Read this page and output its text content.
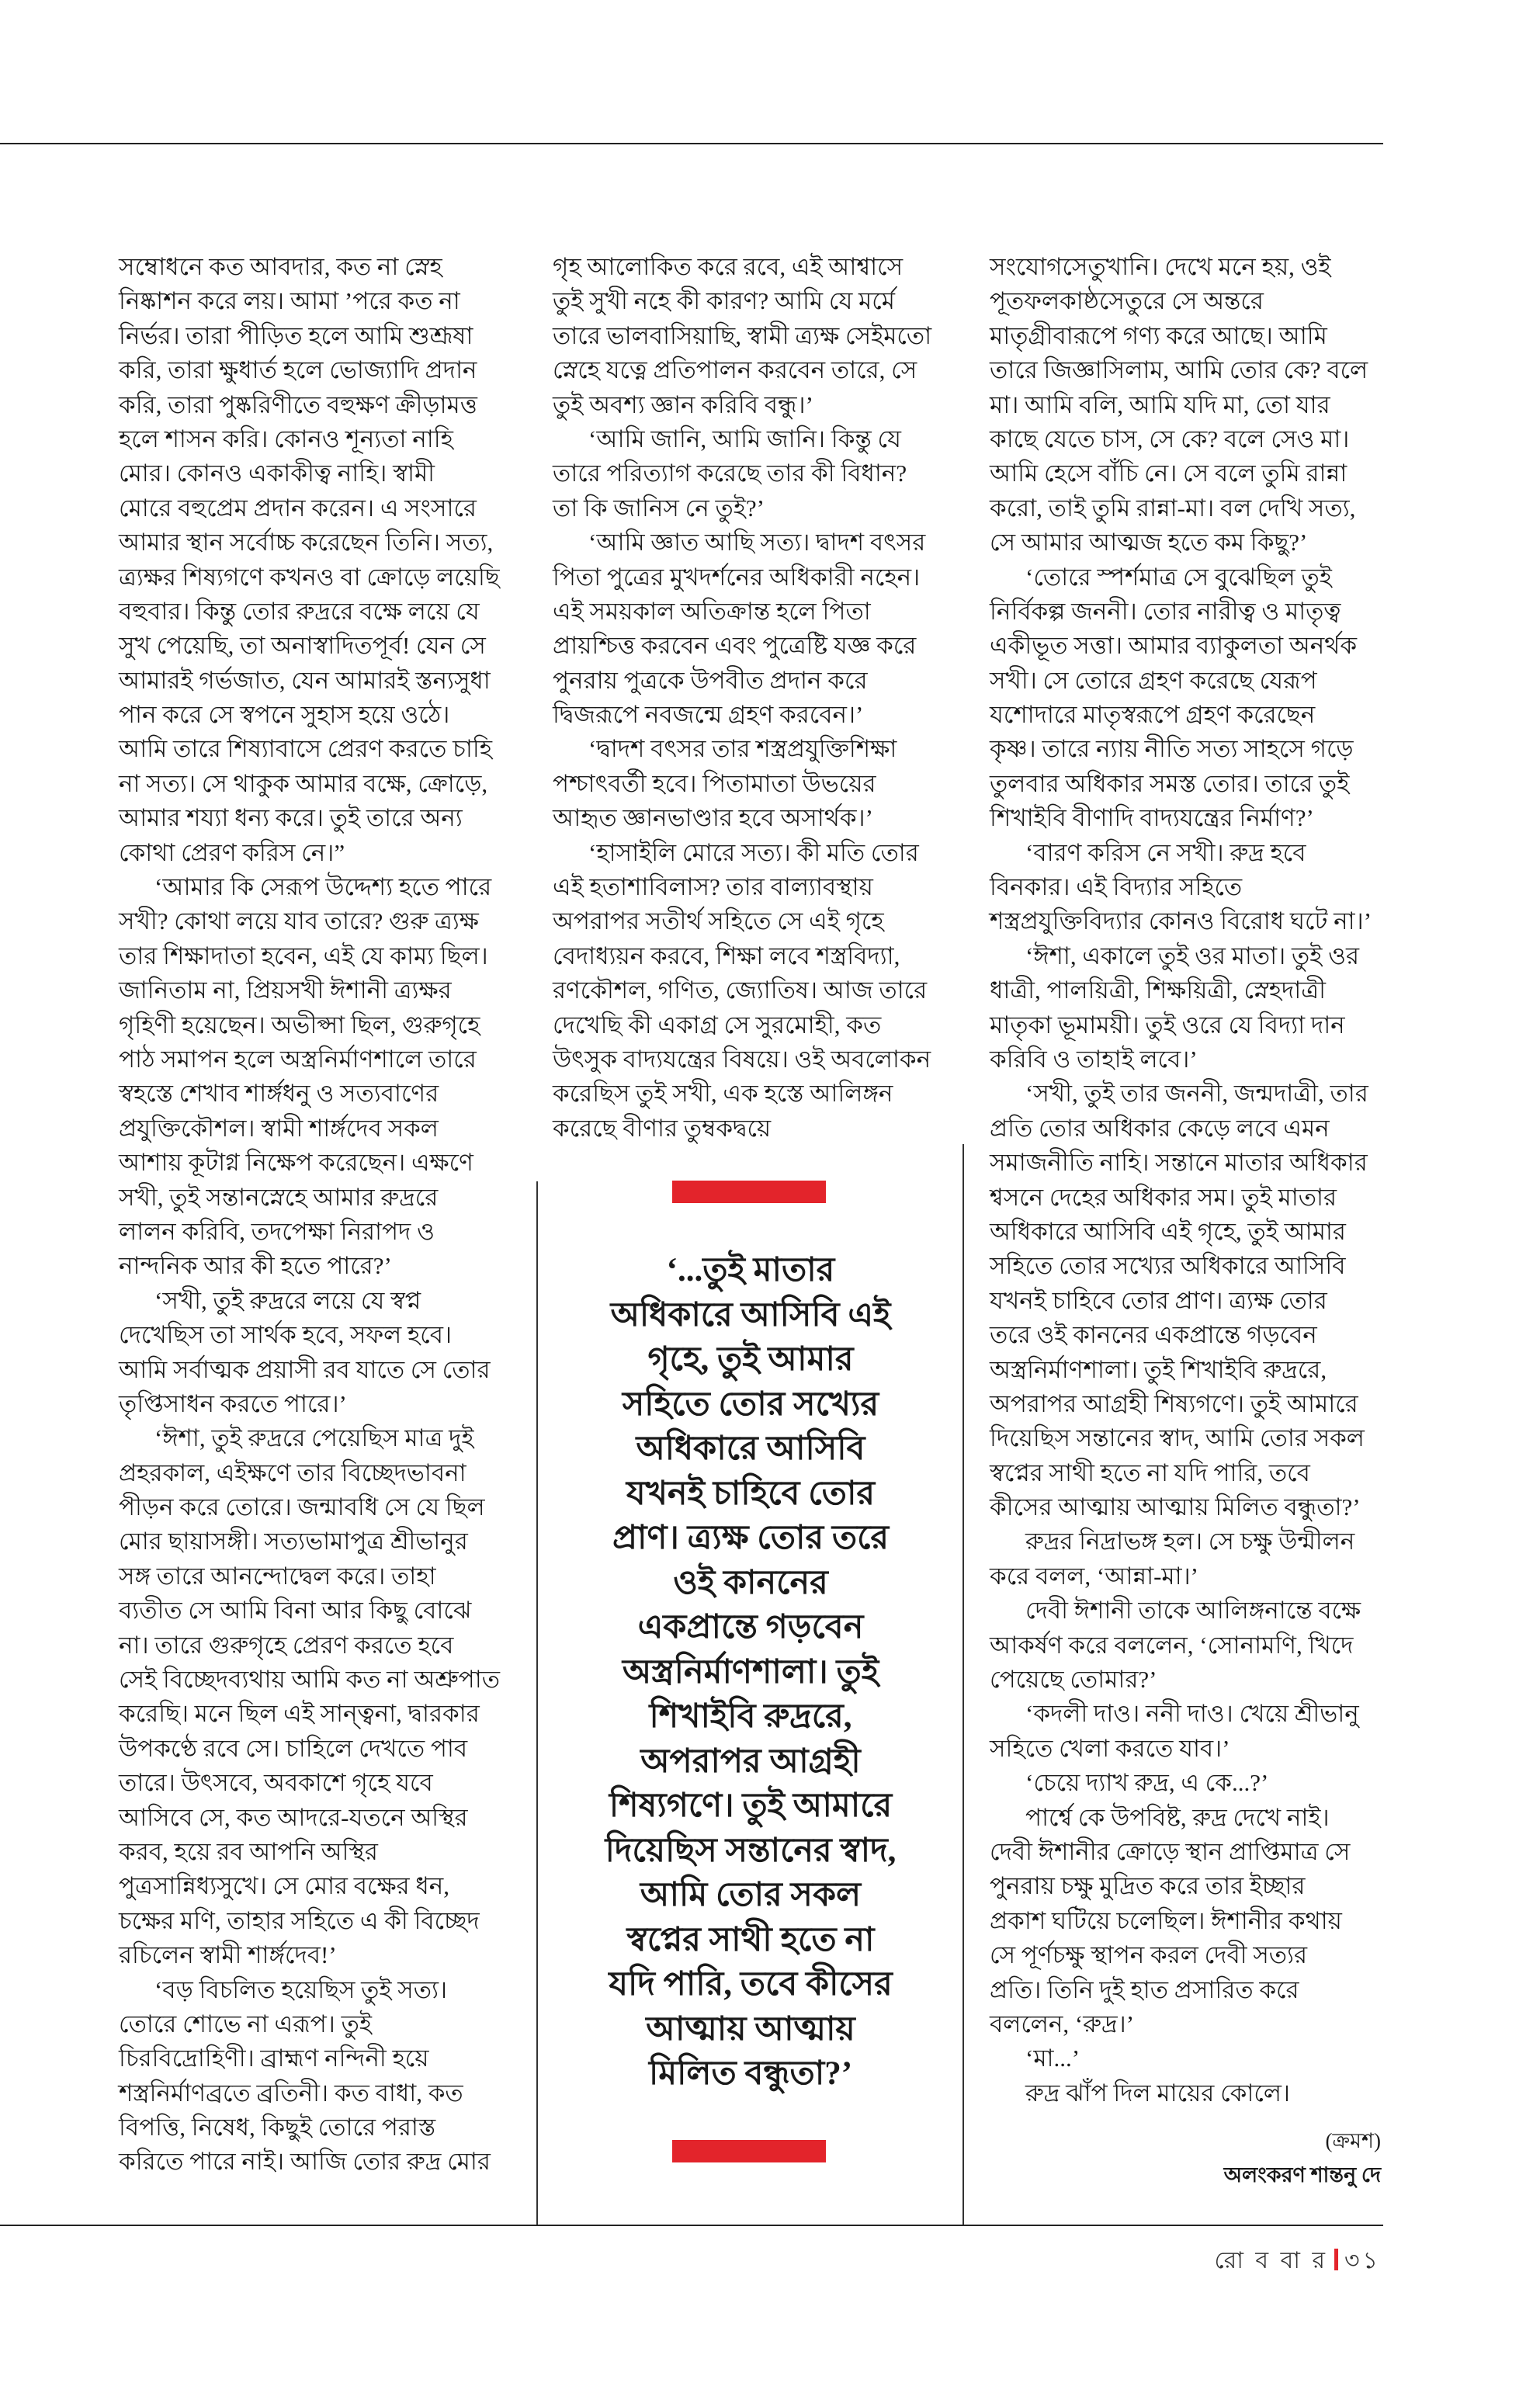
সম্বোধনে কত আবদার, কত না স্নেহ
নিষ্কাশন করে লয়। আমা ’পরে কত না
নির্ভর। তারা পীড়িত হলে আমি শুশ্রূষা
করি, তারা ক্ষুধার্ত হলে ভোজ্যাদি প্রদান
করি, তারা পুষ্করিণীতে বহুক্ষণ ক্রীড়ামত্ত
হলে শাসন করি। কোনও শূন্যতা নাহি
মোর। কোনও একাকীত্ব নাহি। স্বামী
মোরে বহুপ্রেম প্রদান করেন। এ সংসারে
আমার স্থান সর্বোচ্চ করেছেন তিনি। সত্য,
ত্র্যক্ষর শিষ্যগণে কখনও বা ক্রোড়ে লয়েছি
বহুবার। কিন্তু তোর রুদ্ররে বক্ষে লয়ে যে
সুখ পেয়েছি, তা অনাস্বাদিতপূর্ব! যেন সে
আমারই গর্ভজাত, যেন আমারই স্তন্যসুধা
পান করে সে স্বপনে সুহাস হয়ে ওঠে।
আমি তারে শিষ্যাবাসে প্রেরণ করতে চাহি
না সত্য। সে থাকুক আমার বক্ষে, ক্রোড়ে,
আমার শয্যা ধন্য করে। তুই তারে অন্য
কোথা প্রেরণ করিস নে।”
‘আমার কি সেরূপ উদ্দেশ্য হতে পারে
সখী? কোথা লয়ে যাব তারে? গুরু ত্র্যক্ষ
তার শিক্ষাদাতা হবেন, এই যে কাম্য ছিল।
জানিতাম না, প্রিয়সখী ঈশানী ত্র্যক্ষর
গৃহিণী হয়েছেন। অভীপ্সা ছিল, গুরুগৃহে
পাঠ সমাপন হলে অস্ত্রনির্মাণশালে তারে
স্বহস্তে শেখাব শার্ঙ্গধনু ও সত্যবাণের
প্রযুক্তিকৌশল। স্বামী শার্ঙ্গদেব সকল
আশায় কূটাগ্ন নিক্ষেপ করেছেন। এক্ষণে
সখী, তুই সন্তানস্নেহে আমার রুদ্ররে
লালন করিবি, তদপেক্ষা নিরাপদ ও
নান্দনিক আর কী হতে পারে?’
‘সখী, তুই রুদ্ররে লয়ে যে স্বপ্ন
দেখেছিস তা সার্থক হবে, সফল হবে।
আমি সর্বাত্মক প্রয়াসী রব যাতে সে তোর
তৃপ্তিসাধন করতে পারে।’
‘ঈশা, তুই রুদ্ররে পেয়েছিস মাত্র দুই
প্রহরকাল, এইক্ষণে তার বিচ্ছেদভাবনা
পীড়ন করে তোরে। জন্মাবধি সে যে ছিল
মোর ছায়াসঙ্গী। সত্যভামাপুত্র শ্রীভানুর
সঙ্গ তারে আনন্দোদ্বেল করে। তাহা
ব্যতীত সে আমি বিনা আর কিছু বোঝে
না। তারে গুরুগৃহে প্রেরণ করতে হবে
সেই বিচ্ছেদব্যথায় আমি কত না অশ্রুপাত
করেছি। মনে ছিল এই সান্ত্বনা, দ্বারকার
উপকণ্ঠে রবে সে। চাহিলে দেখতে পাব
তারে। উৎসবে, অবকাশে গৃহে যবে
আসিবে সে, কত আদরে-যতনে অস্থির
করব, হয়ে রব আপনি অস্থির
পুত্রসান্নিধ্যসুখে। সে মোর বক্ষের ধন,
চক্ষের মণি, তাহার সহিতে এ কী বিচ্ছেদ
রচিলেন স্বামী শার্ঙ্গদেব!’
‘বড় বিচলিত হয়েছিস তুই সত্য।
তোরে শোভে না এরূপ। তুই
চিরবিদ্রোহিণী। ব্রাহ্মণ নন্দিনী হয়ে
শস্ত্রনির্মাণব্রতে ব্রতিনী। কত বাধা, কত
বিপত্তি, নিষেধ, কিছুই তোরে পরাস্ত
করিতে পারে নাই। আজি তোর রুদ্র মোর
গৃহ আলোকিত করে রবে, এই আশ্বাসে
তুই সুখী নহে কী কারণ? আমি যে মর্মে
তারে ভালবাসিয়াছি, স্বামী ত্র্যক্ষ সেইমতো
স্নেহে যত্নে প্রতিপালন করবেন তারে, সে
তুই অবশ্য জ্ঞান করিবি বন্ধু।’
‘আমি জানি, আমি জানি। কিন্তু যে
তারে পরিত্যাগ করেছে তার কী বিধান?
তা কি জানিস নে তুই?’
‘আমি জ্ঞাত আছি সত্য। দ্বাদশ বৎসর
পিতা পুত্রের মুখদর্শনের অধিকারী নহেন।
এই সময়কাল অতিক্রান্ত হলে পিতা
প্রায়শ্চিত্ত করবেন এবং পুত্রেষ্টি যজ্ঞ করে
পুনরায় পুত্রকে উপবীত প্রদান করে
দ্বিজরূপে নবজন্মে গ্রহণ করবেন।’
‘দ্বাদশ বৎসর তার শস্ত্রপ্রযুক্তিশিক্ষা
পশ্চাৎবর্তী হবে। পিতামাতা উভয়ের
আহৃত জ্ঞানভাণ্ডার হবে অসার্থক।’
‘হাসাইলি মোরে সত্য। কী মতি তোর
এই হতাশাবিলাস? তার বাল্যাবস্থায়
অপরাপর সতীর্থ সহিতে সে এই গৃহে
বেদাধ্যয়ন করবে, শিক্ষা লবে শস্ত্রবিদ্যা,
রণকৌশল, গণিত, জ্যোতিষ। আজ তারে
দেখেছি কী একাগ্র সে সুরমোহী, কত
উৎসুক বাদ্যযন্ত্রের বিষয়ে। ওই অবলোকন
করেছিস তুই সখী, এক হস্তে আলিঙ্গন
করেছে বীণার তুম্বকদ্বয়ে
সংযোগসেতুখানি। দেখে মনে হয়, ওই
পূতফলকাষ্ঠসেতুরে সে অন্তরে
মাতৃগ্রীবারূপে গণ্য করে আছে। আমি
তারে জিজ্ঞাসিলাম, আমি তোর কে? বলে
মা। আমি বলি, আমি যদি মা, তো যার
কাছে যেতে চাস, সে কে? বলে সেও মা।
আমি হেসে বাঁচি নে। সে বলে তুমি রান্না
করো, তাই তুমি রান্না-মা। বল দেখি সত্য,
সে আমার আত্মজ হতে কম কিছু?’
‘তোরে স্পর্শমাত্র সে বুঝেছিল তুই
নির্বিকল্প জননী। তোর নারীত্ব ও মাতৃত্ব
একীভূত সত্তা। আমার ব্যাকুলতা অনর্থক
সখী। সে তোরে গ্রহণ করেছে যেরূপ
যশোদারে মাতৃস্বরূপে গ্রহণ করেছেন
কৃষ্ণ। তারে ন্যায় নীতি সত্য সাহসে গড়ে
তুলবার অধিকার সমস্ত তোর। তারে তুই
শিখাইবি বীণাদি বাদ্যযন্ত্রের নির্মাণ?’
‘বারণ করিস নে সখী। রুদ্র হবে
বিনকার। এই বিদ্যার সহিতে
শস্ত্রপ্রযুক্তিবিদ্যার কোনও বিরোধ ঘটে না।’
‘ঈশা, একালে তুই ওর মাতা। তুই ওর
ধাত্রী, পালয়িত্রী, শিক্ষয়িত্রী, স্নেহদাত্রী
মাতৃকা ভূমাময়ী। তুই ওরে যে বিদ্যা দান
করিবি ও তাহাই লবে।’
‘সখী, তুই তার জননী, জন্মদাত্রী, তার
প্রতি তোর অধিকার কেড়ে লবে এমন
সমাজনীতি নাহি। সন্তানে মাতার অধিকার
শ্বসনে দেহের অধিকার সম। তুই মাতার
অধিকারে আসিবি এই গৃহে, তুই আমার
সহিতে তোর সখ্যের অধিকারে আসিবি
যখনই চাহিবে তোর প্রাণ। ত্র্যক্ষ তোর
তরে ওই কাননের একপ্রান্তে গড়বেন
অস্ত্রনির্মাণশালা। তুই শিখাইবি রুদ্ররে,
অপরাপর আগ্রহী শিষ্যগণে। তুই আমারে
দিয়েছিস সন্তানের স্বাদ, আমি তোর সকল
স্বপ্নের সাথী হতে না যদি পারি, তবে
কীসের আত্মায় আত্মায় মিলিত বন্ধুতা?’
রুদ্রর নিদ্রাভঙ্গ হল। সে চক্ষু উন্মীলন
করে বলল, ‘আন্না-মা।’
দেবী ঈশানী তাকে আলিঙ্গনান্তে বক্ষে
আকর্ষণ করে বললেন, ‘সোনামণি, খিদে
পেয়েছে তোমার?’
‘কদলী দাও। ননী দাও। খেয়ে শ্রীভানু
সহিতে খেলা করতে যাব।’
‘চেয়ে দ্যাখ রুদ্র, এ কে...?’
পার্শ্বে কে উপবিষ্ট, রুদ্র দেখে নাই।
দেবী ঈশানীর ক্রোড়ে স্থান প্রাপ্তিমাত্র সে
পুনরায় চক্ষু মুদ্রিত করে তার ইচ্ছার
প্রকাশ ঘটিয়ে চলেছিল। ঈশানীর কথায়
সে পূর্ণচক্ষু স্থাপন করল দেবী সত্যর
প্রতি। তিনি দুই হাত প্রসারিত করে
বললেন, ‘রুদ্র।’
‘মা...’
রুদ্র ঝাঁপ দিল মায়ের কোলে।
‘...তুই মাতার
অধিকারে আসিবি এই
গৃহে, তুই আমার
সহিতে তোর সখ্যের
অধিকারে আসিবি
যখনই চাহিবে তোর
প্রাণ। ত্র্যক্ষ তোর তরে
ওই কাননের
একপ্রান্তে গড়বেন
অস্ত্রনির্মাণশালা। তুই
শিখাইবি রুদ্ররে,
অপরাপর আগ্রহী
শিষ্যগণে। তুই আমারে
দিয়েছিস সন্তানের স্বাদ,
আমি তোর সকল
স্বপ্নের সাথী হতে না
যদি পারি, তবে কীসের
আত্মায় আত্মায়
মিলিত বন্ধুতা?’
(ক্রমশ)
অলংকরণ শান্তনু দে
রো ব বা র ৩১
